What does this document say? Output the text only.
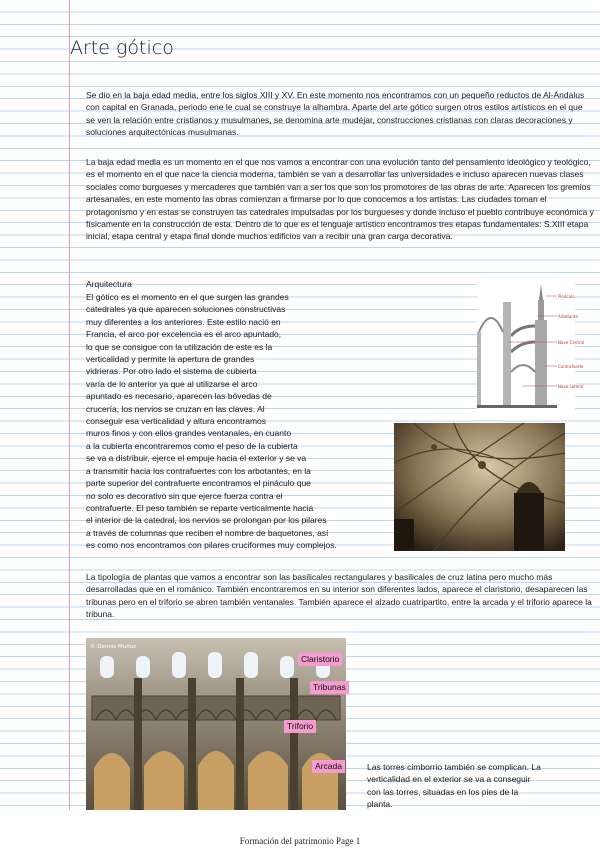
Arte gótico

Se dio en la baja edad media, entre los siglos XIII y XV. En este momento nos encontramos con un pequeño reductos de Al-Ándalus con capital en Granada, periodo ene le cual se construye la alhambra. Aparte del arte gótico surgen otros estilos artísticos en el que se ven la relación entre cristianos y musulmanes, se denomina arte mudéjar, construcciones cristianas con claras decoraciones y soluciones arquitectónicas musulmanas.

La baja edad media es un momento en el que nos vamos a encontrar con una evolución tanto del pensamiento ideológico y teológico, es el momento en el que nace la ciencia moderna, también se van a desarrollar las universidades e incluso aparecen nuevas clases sociales como burgueses y mercaderes que también van a ser los que son los promotores de las obras de arte. Aparecen los gremios artesanales, en este momento las obras comienzan a firmarse por lo que conocemos a los artistas. Las ciudades toman el protagonismo y en estas se construyen las catedrales impulsadas por los burgueses y donde incluso el pueblo contribuye económica y físicamente en la construcción de esta. Dentro de lo que es el lenguaje artístico encontramos tres etapas fundamentales: S.XIII etapa inicial, etapa central y etapa final donde muchos edificios van a recibir una gran carga decorativa.

Arquitectura
El gótico es el momento en el que surgen las grandes
catedrales ya que aparecen soluciones constructivas
muy diferentes a los anteriores. Este estilo nació en
Francia, el arco por excelencia es el arco apuntado,
lo que se consigue con la utilización de este es la
verticalidad y permite la apertura de grandes
vidrieras. Por otro lado el sistema de cubierta
varía de lo anterior ya que al utilizarse el arco
apuntado es necesario, aparecen las bóvedas de
crucería, los nervios se cruzan en las claves. Al
conseguir esa verticalidad y altura encontramos
muros finos y con ellos grandes ventanales, en cuanto
a la cubierta encontraremos como el peso de la cubierta
se va a distribuir, ejerce el empuje hacia el exterior y se va
a transmitir hacia los contrafuertes con los arbotantes, en la
parte superior del contrafuerte encontramos el pináculo que
no solo es decorativo sin que ejerce fuerza contra el
contrafuerte. El peso también se reparte verticalmente hacia
el interior de la catedral, los nervios se prolongan por los pilares
a través de columnas que reciben el nombre de baquetones, así
es como nos encontramos con pilares cruciformes muy complejos.
Pináculo
Arbotante
Nave Central
Contrafuerte
Nave Lateral

La tipología de plantas que vamos a encontrar son las basilicales rectangulares y basilicales de cruz latina pero mucho más desarrolladas que en el románico. También encontraremos en su interior son diferentes lados, aparece el claristorio, desaparecen las tribunas pero en el triforio se abren también ventanales. También aparece el alzado cuatripartito, entre la arcada y el triforio aparece la tribuna.

© Dennis Muñoz
Claristorio
Tribunas
Triforio
Arcada	Las torres cimborrio también se complican. La
verticalidad en el exterior se va a conseguir
con las torres, situadas en los pies de la
planta.
Formación del patrimonio Page 1
